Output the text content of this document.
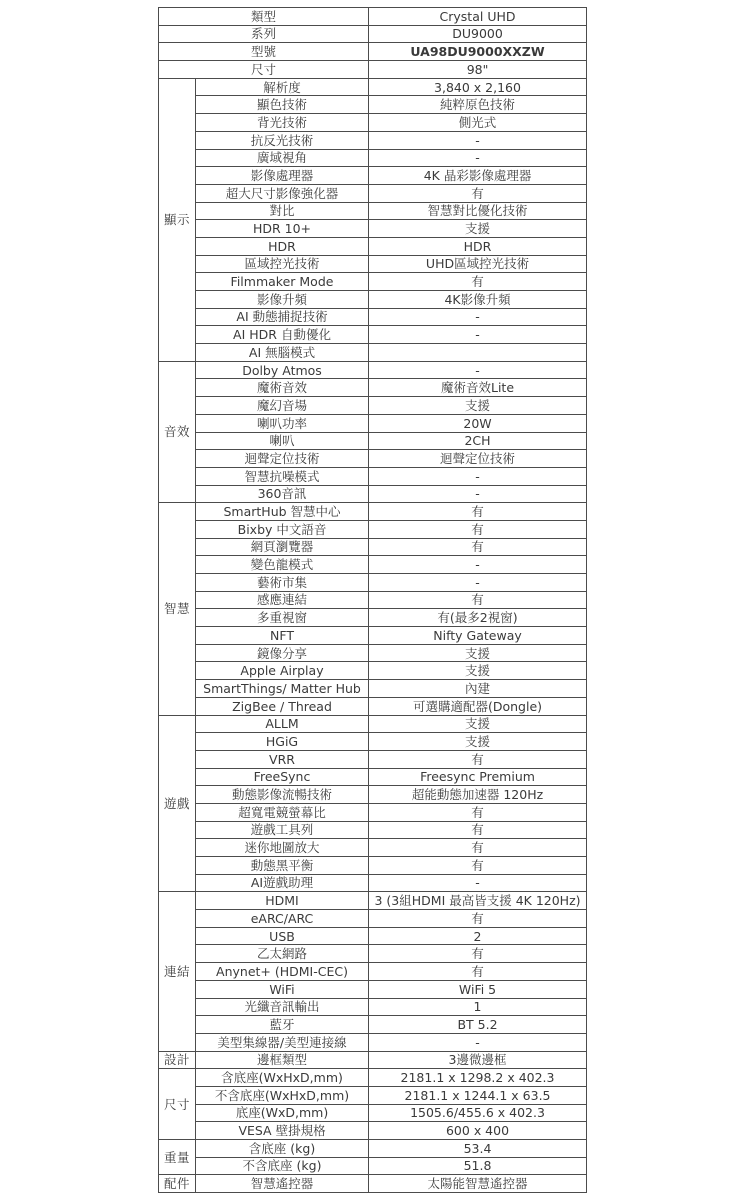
類型		Crystal UHD
系列		DU9000
型號		UA98DU9000XXZW
尺寸		98"
顯示	解析度	3,840 x 2,160
	顯色技術	純粹原色技術
	背光技術	側光式
	抗反光技術	-
	廣域視角	-
	影像處理器	4K 晶彩影像處理器
	超大尺寸影像強化器	有
	對比	智慧對比優化技術
	HDR 10+	支援
	HDR	HDR
	區域控光技術	UHD區域控光技術
	Filmmaker Mode	有
	影像升頻	4K影像升頻
	AI 動態捕捉技術	-
	AI HDR 自動優化	-
	AI 無腦模式	
音效	Dolby Atmos	-
	魔術音效	魔術音效Lite
	魔幻音場	支援
	喇叭功率	20W
	喇叭	2CH
	迴聲定位技術	迴聲定位技術
	智慧抗噪模式	-
	360音訊	-
智慧	SmartHub 智慧中心	有
	Bixby 中文語音	有
	網頁瀏覽器	有
	變色龍模式	-
	藝術市集	-
	感應連結	有
	多重視窗	有(最多2視窗)
	NFT	Nifty Gateway
	鏡像分享	支援
	Apple Airplay	支援
	SmartThings/ Matter Hub	內建
	ZigBee / Thread	可選購適配器(Dongle)
遊戲	ALLM	支援
	HGiG	支援
	VRR	有
	FreeSync	Freesync Premium
	動態影像流暢技術	超能動態加速器 120Hz
	超寬電競螢幕比	有
	遊戲工具列	有
	迷你地圖放大	有
	動態黑平衡	有
	AI遊戲助理	-
連結	HDMI	3 (3組HDMI 最高皆支援 4K 120Hz)
	eARC/ARC	有
	USB	2
	乙太網路	有
	Anynet+ (HDMI-CEC)	有
	WiFi	WiFi 5
	光纖音訊輸出	1
	藍牙	BT 5.2
	美型集線器/美型連接線	-
設計	邊框類型	3邊微邊框
尺寸	含底座(WxHxD,mm)	2181.1 x 1298.2 x 402.3
	不含底座(WxHxD,mm)	2181.1 x 1244.1 x 63.5
	底座(WxD,mm)	1505.6/455.6 x 402.3
	VESA 壁掛規格	600 x 400
重量	含底座 (kg)	53.4
	不含底座 (kg)	51.8
配件	智慧遙控器	太陽能智慧遙控器
